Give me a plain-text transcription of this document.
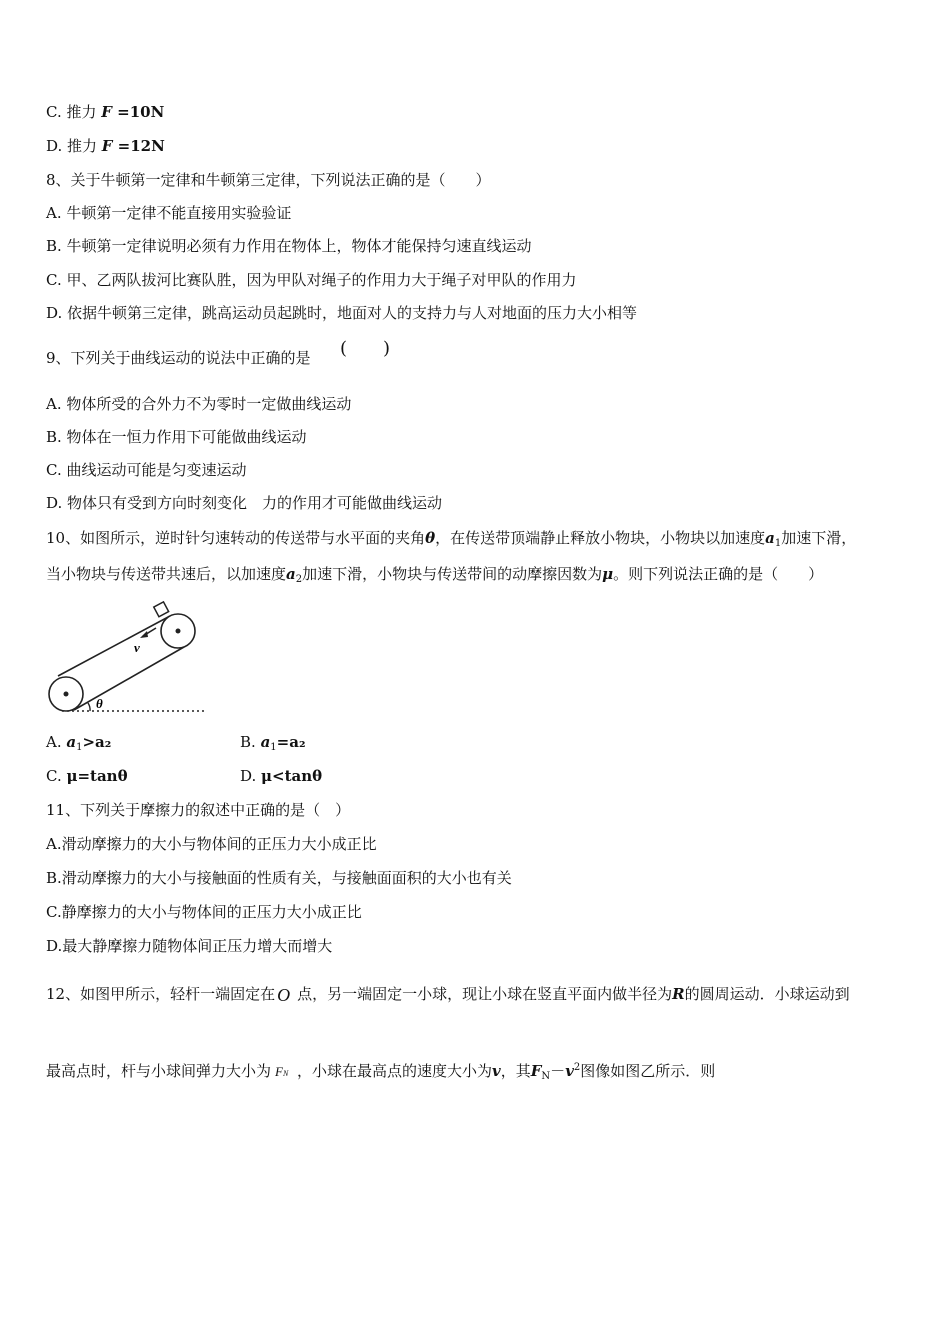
C. 推力 F =10N
D. 推力 F =12N
8、关于牛顿第一定律和牛顿第三定律，下列说法正确的是（　　）
A. 牛顿第一定律不能直接用实验验证
B. 牛顿第一定律说明必须有力作用在物体上，物体才能保持匀速直线运动
C. 甲、乙两队拔河比赛队胜，因为甲队对绳子的作用力大于绳子对甲队的作用力
D. 依据牛顿第三定律，跳高运动员起跳时，地面对人的支持力与人对地面的压力大小相等
9、下列关于曲线运动的说法中正确的是 (　　)
A. 物体所受的合外力不为零时一定做曲线运动
B. 物体在一恒力作用下可能做曲线运动
C. 曲线运动可能是匀变速运动
D. 物体只有受到方向时刻变化　力的作用才可能做曲线运动
10、如图所示，逆时针匀速转动的传送带与水平面的夹角θ，在传送带顶端静止释放小物块，小物块以加速度$a_1$加速下滑，
当小物块与传送带共速后，以加速度$a_2$加速下滑，小物块与传送带间的动摩擦因数为μ。则下列说法正确的是（　　）
v
θ
A. $a_1>a_2$	B. $a_1=a_2$
C. μ=tanθ	D. μ<tanθ
11、下列关于摩擦力的叙述中正确的是（　）
A.滑动摩擦力的大小与物体间的正压力大小成正比
B.滑动摩擦力的大小与接触面的性质有关，与接触面面积的大小也有关
C.静摩擦力的大小与物体间的正压力大小成正比
D.最大静摩擦力随物体间正压力增大而增大
12、如图甲所示，轻杆一端固定在 O 点，另一端固定一小球，现让小球在竖直平面内做半径为R的圆周运动．小球运动到
最高点时，杆与小球间弹力大小为 FN ，小球在最高点的速度大小为v，其$F_N-v^2$图像如图乙所示．则
